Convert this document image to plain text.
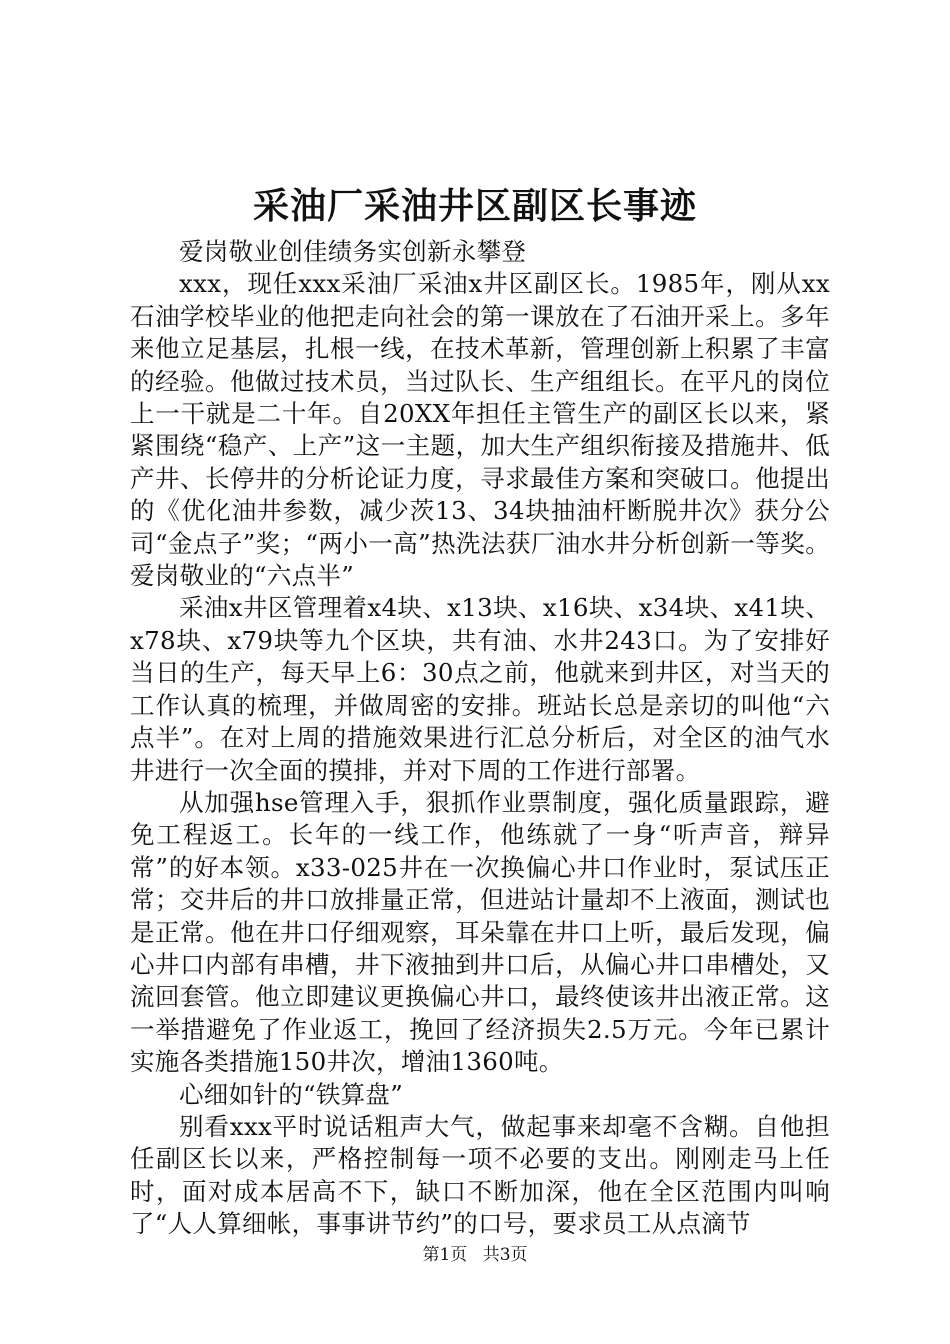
采油厂采油井区副区长事迹

爱岗敬业创佳绩务实创新永攀登

xxx，现任xxx采油厂采油x井区副区长。1985年，刚从xx石油学校毕业的他把走向社会的第一课放在了石油开采上。多年来他立足基层，扎根一线，在技术革新，管理创新上积累了丰富的经验。他做过技术员，当过队长、生产组组长。在平凡的岗位上一干就是二十年。自20XX年担任主管生产的副区长以来，紧紧围绕“稳产、上产”这一主题，加大生产组织衔接及措施井、低产井、长停井的分析论证力度，寻求最佳方案和突破口。他提出的《优化油井参数，减少茨13、34块抽油杆断脱井次》获分公司“金点子”奖；“两小一高”热洗法获厂油水井分析创新一等奖。爱岗敬业的“六点半”

采油x井区管理着x4块、x13块、x16块、x34块、x41块、x78块、x79块等九个区块，共有油、水井243口。为了安排好当日的生产，每天早上6：30点之前，他就来到井区，对当天的工作认真的梳理，并做周密的安排。班站长总是亲切的叫他“六点半”。在对上周的措施效果进行汇总分析后，对全区的油气水井进行一次全面的摸排，并对下周的工作进行部署。

从加强hse管理入手，狠抓作业票制度，强化质量跟踪，避免工程返工。长年的一线工作，他练就了一身“听声音，辩异常”的好本领。x33-025井在一次换偏心井口作业时，泵试压正常；交井后的井口放排量正常，但进站计量却不上液面，测试也是正常。他在井口仔细观察，耳朵靠在井口上听，最后发现，偏心井口内部有串槽，井下液抽到井口后，从偏心井口串槽处，又流回套管。他立即建议更换偏心井口，最终使该井出液正常。这一举措避免了作业返工，挽回了经济损失2.5万元。今年已累计实施各类措施150井次，增油1360吨。

心细如针的“铁算盘”

别看xxx平时说话粗声大气，做起事来却毫不含糊。自他担任副区长以来，严格控制每一项不必要的支出。刚刚走马上任时，面对成本居高不下，缺口不断加深，他在全区范围内叫响了“人人算细帐，事事讲节约”的口号，要求员工从点滴节

第1页 共3页
